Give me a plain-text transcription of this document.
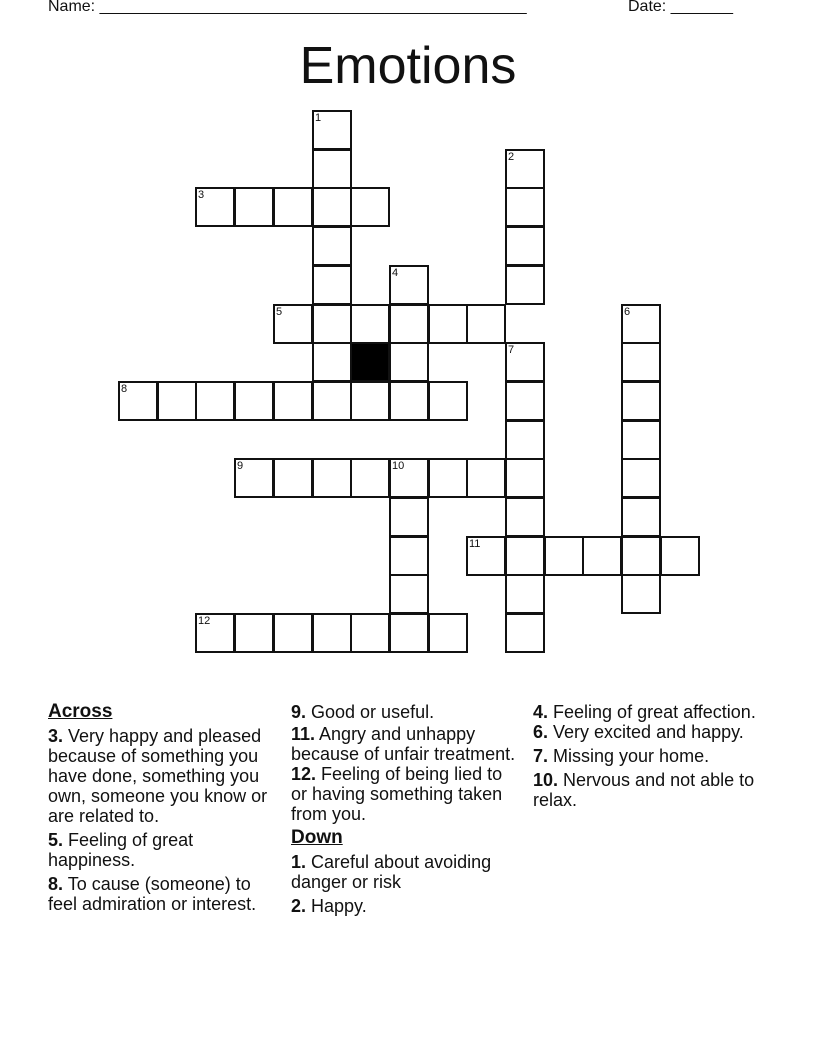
Name: ________________________________________________	Date: _______
Emotions
1
2
3
4
5	6
7
8
9	10
11
12
Across
3. Very happy and pleased because of something you have done, something you own, someone you know or are related to.
5. Feeling of great happiness.
8. To cause (someone) to feel admiration or interest.
9. Good or useful.
11. Angry and unhappy because of unfair treatment.
12. Feeling of being lied to or having something taken from you.
Down
1. Careful about avoiding danger or risk
2. Happy.
4. Feeling of great affection.
6. Very excited and happy.
7. Missing your home.
10. Nervous and not able to relax.
